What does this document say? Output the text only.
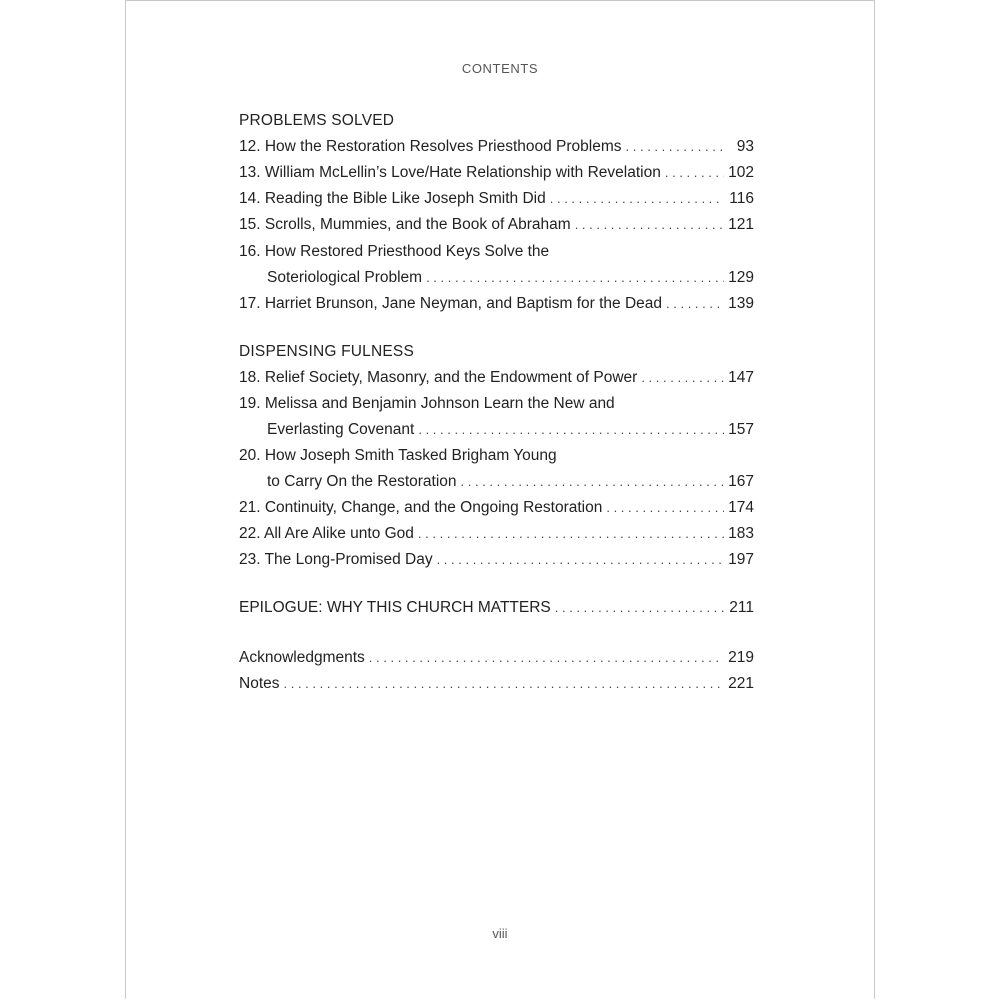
CONTENTS
PROBLEMS SOLVED
12. How the Restoration Resolves Priesthood Problems . . .	93
13. William McLellin’s Love/Hate Relationship with Revelation . . .	102
14. Reading the Bible Like Joseph Smith Did . . .	116
15. Scrolls, Mummies, and the Book of Abraham . . .	121
16. How Restored Priesthood Keys Solve the
Soteriological Problem . . .	129
17. Harriet Brunson, Jane Neyman, and Baptism for the Dead . . .	139
DISPENSING FULNESS
18. Relief Society, Masonry, and the Endowment of Power . . .	147
19. Melissa and Benjamin Johnson Learn the New and
Everlasting Covenant . . .	157
20. How Joseph Smith Tasked Brigham Young
to Carry On the Restoration . . .	167
21. Continuity, Change, and the Ongoing Restoration . . .	174
22. All Are Alike unto God . . .	183
23. The Long-Promised Day . . .	197
EPILOGUE: WHY THIS CHURCH MATTERS . . .	211
Acknowledgments . . .	219
Notes . . .	221
viii
